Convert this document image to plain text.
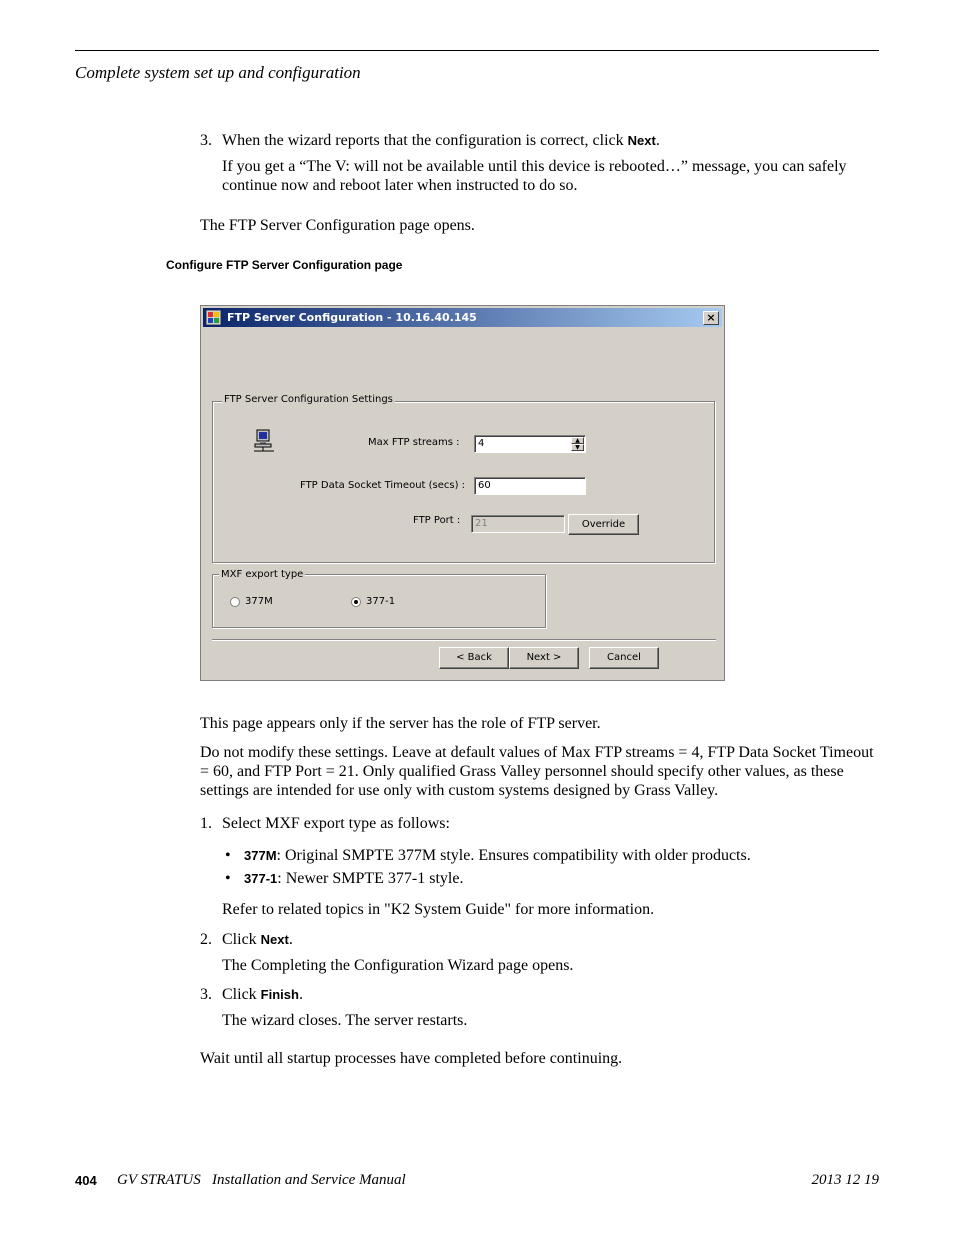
Complete system set up and configuration
3. When the wizard reports that the configuration is correct, click Next.
If you get a “The V: will not be available until this device is rebooted…” message, you can safely continue now and reboot later when instructed to do so.
The FTP Server Configuration page opens.
Configure FTP Server Configuration page
FTP Server Configuration - 10.16.40.145	×
FTP Server Configuration Settings
Max FTP streams :	4	▲
▼
FTP Data Socket Timeout (secs) :	60
FTP Port :	21	Override
MXF export type
377M	377-1
< Back	Next >	Cancel
This page appears only if the server has the role of FTP server.
Do not modify these settings. Leave at default values of Max FTP streams = 4, FTP Data Socket Timeout = 60, and FTP Port = 21. Only qualified Grass Valley personnel should specify other values, as these settings are intended for use only with custom systems designed by Grass Valley.
1. Select MXF export type as follows:
• 377M: Original SMPTE 377M style. Ensures compatibility with older products.
• 377-1: Newer SMPTE 377-1 style.
Refer to related topics in "K2 System Guide" for more information.
2. Click Next.
The Completing the Configuration Wizard page opens.
3. Click Finish.
The wizard closes. The server restarts.
Wait until all startup processes have completed before continuing.
404 GV STRATUS   Installation and Service Manual	2013 12 19
